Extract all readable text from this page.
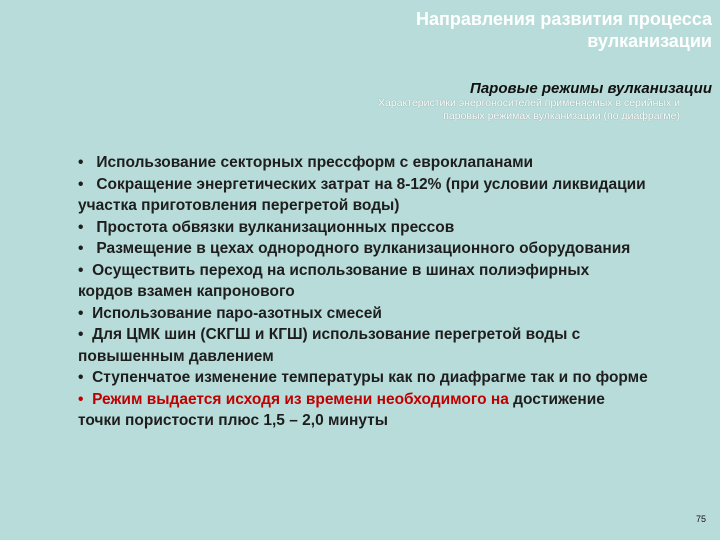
Направления развития процесса вулканизации
Паровые режимы вулканизации
Характеристики энергоносителей применяемых в серийных и паровых режимах вулканизации (по диафрагме)
• Использование секторных прессформ с евроклапанами
• Сокращение энергетических затрат на 8-12% (при условии ликвидации участка приготовления перегретой воды)
• Простота обвязки вулканизационных прессов
• Размещение в цехах однородного вулканизационного оборудования
• Осуществить переход на использование в шинах полиэфирных кордов взамен капронового
• Использование паро-азотных смесей
• Для ЦМК шин (СКГШ и КГШ) использование перегретой воды с повышенным давлением
• Ступенчатое изменение температуры как по диафрагме так и по форме
• Режим выдается исходя из времени необходимого на достижение точки пористости плюс 1,5 – 2,0 минуты
75
